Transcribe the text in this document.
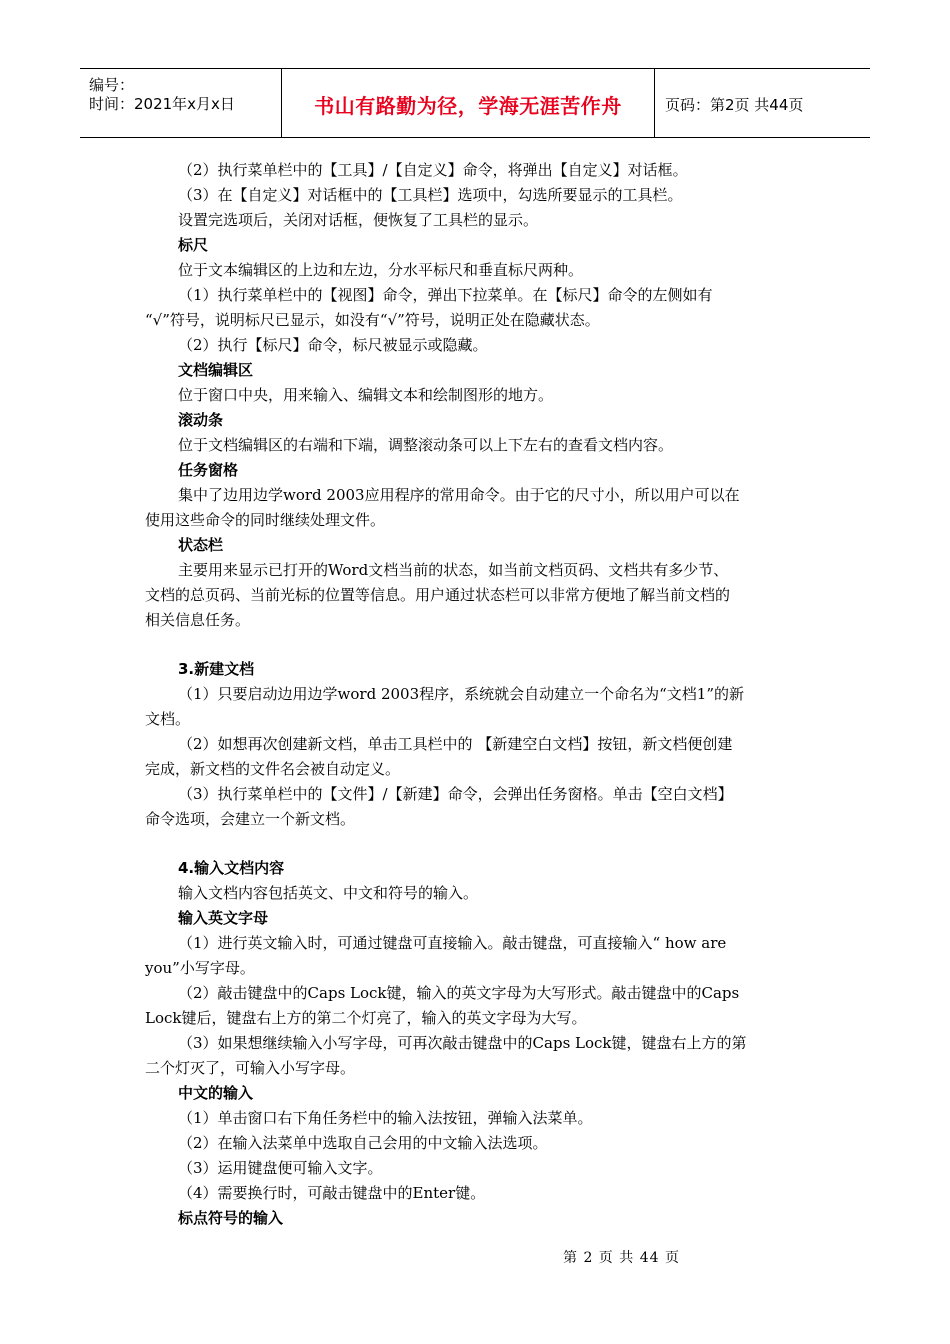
编号：
时间：2021年x月x日	书山有路勤为径，学海无涯苦作舟	页码：第2页 共44页
（2）执行菜单栏中的【工具】/【自定义】命令，将弹出【自定义】对话框。
（3）在【自定义】对话框中的【工具栏】选项中，勾选所要显示的工具栏。
设置完选项后，关闭对话框，便恢复了工具栏的显示。
标尺
位于文本编辑区的上边和左边，分水平标尺和垂直标尺两种。
（1）执行菜单栏中的【视图】命令，弹出下拉菜单。在【标尺】命令的左侧如有
“√”符号，说明标尺已显示，如没有“√”符号，说明正处在隐藏状态。
（2）执行【标尺】命令，标尺被显示或隐藏。
文档编辑区
位于窗口中央，用来输入、编辑文本和绘制图形的地方。
滚动条
位于文档编辑区的右端和下端，调整滚动条可以上下左右的查看文档内容。
任务窗格
集中了边用边学word 2003应用程序的常用命令。由于它的尺寸小，所以用户可以在
使用这些命令的同时继续处理文件。
状态栏
主要用来显示已打开的Word文档当前的状态，如当前文档页码、文档共有多少节、
文档的总页码、当前光标的位置等信息。用户通过状态栏可以非常方便地了解当前文档的
相关信息任务。
3.新建文档
（1）只要启动边用边学word 2003程序，系统就会自动建立一个命名为“文档1”的新
文档。
（2）如想再次创建新文档，单击工具栏中的 【新建空白文档】按钮，新文档便创建
完成，新文档的文件名会被自动定义。
（3）执行菜单栏中的【文件】/【新建】命令，会弹出任务窗格。单击【空白文档】
命令选项，会建立一个新文档。
4.输入文档内容
输入文档内容包括英文、中文和符号的输入。
输入英文字母
（1）进行英文输入时，可通过键盘可直接输入。敲击键盘，可直接输入“ how are
you”小写字母。
（2）敲击键盘中的Caps Lock键，输入的英文字母为大写形式。敲击键盘中的Caps
Lock键后，键盘右上方的第二个灯亮了，输入的英文字母为大写。
（3）如果想继续输入小写字母，可再次敲击键盘中的Caps Lock键，键盘右上方的第
二个灯灭了，可输入小写字母。
中文的输入
（1）单击窗口右下角任务栏中的输入法按钮，弹输入法菜单。
（2）在输入法菜单中选取自己会用的中文输入法选项。
（3）运用键盘便可输入文字。
（4）需要换行时，可敲击键盘中的Enter键。
标点符号的输入
第 2 页 共 44 页
